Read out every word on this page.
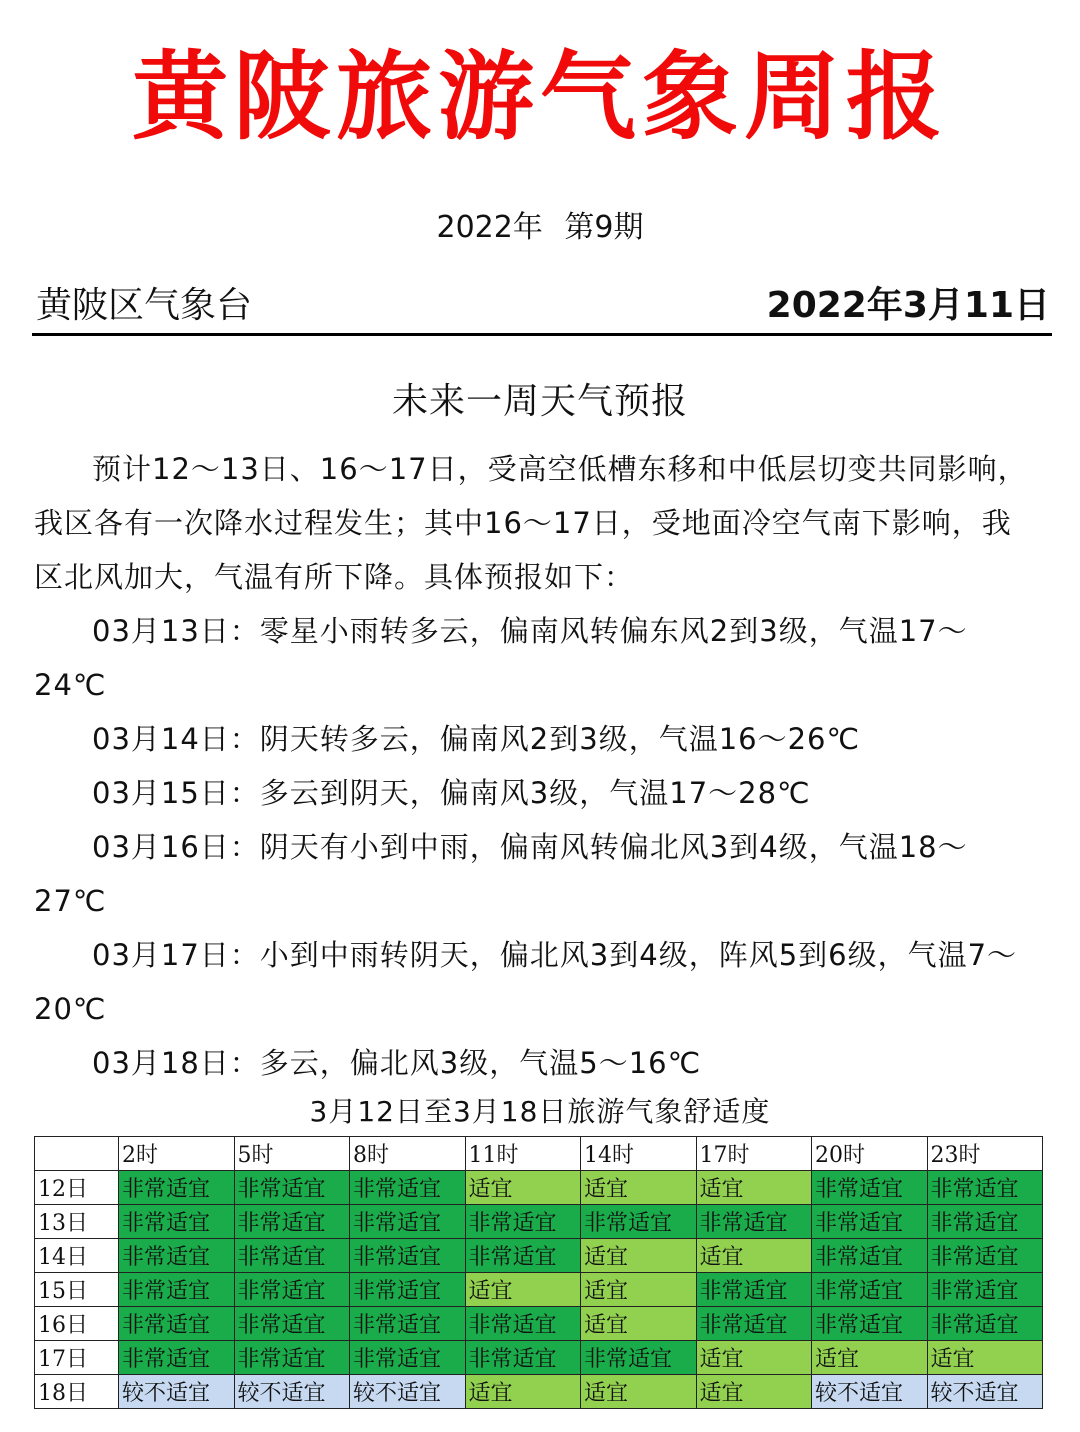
黄陂旅游气象周报
2022年 第9期
黄陂区气象台	2022年3月11日
未来一周天气预报

预计12～13日、16～17日，受高空低槽东移和中低层切变共同影响，我区各有一次降水过程发生；其中16～17日，受地面冷空气南下影响，我区北风加大，气温有所下降。具体预报如下：

03月13日：零星小雨转多云，偏南风转偏东风2到3级，气温17～24℃

03月14日：阴天转多云，偏南风2到3级，气温16～26℃

03月15日：多云到阴天，偏南风3级，气温17～28℃

03月16日：阴天有小到中雨，偏南风转偏北风3到4级，气温18～27℃

03月17日：小到中雨转阴天，偏北风3到4级，阵风5到6级，气温7～20℃

03月18日：多云，偏北风3级，气温5～16℃

3月12日至3月18日旅游气象舒适度
	2时	5时	8时	11时	14时	17时	20时	23时
12日	非常适宜	非常适宜	非常适宜	适宜	适宜	适宜	非常适宜	非常适宜
13日	非常适宜	非常适宜	非常适宜	非常适宜	非常适宜	非常适宜	非常适宜	非常适宜
14日	非常适宜	非常适宜	非常适宜	非常适宜	适宜	适宜	非常适宜	非常适宜
15日	非常适宜	非常适宜	非常适宜	适宜	适宜	非常适宜	非常适宜	非常适宜
16日	非常适宜	非常适宜	非常适宜	非常适宜	适宜	非常适宜	非常适宜	非常适宜
17日	非常适宜	非常适宜	非常适宜	非常适宜	非常适宜	适宜	适宜	适宜
18日	较不适宜	较不适宜	较不适宜	适宜	适宜	适宜	较不适宜	较不适宜
